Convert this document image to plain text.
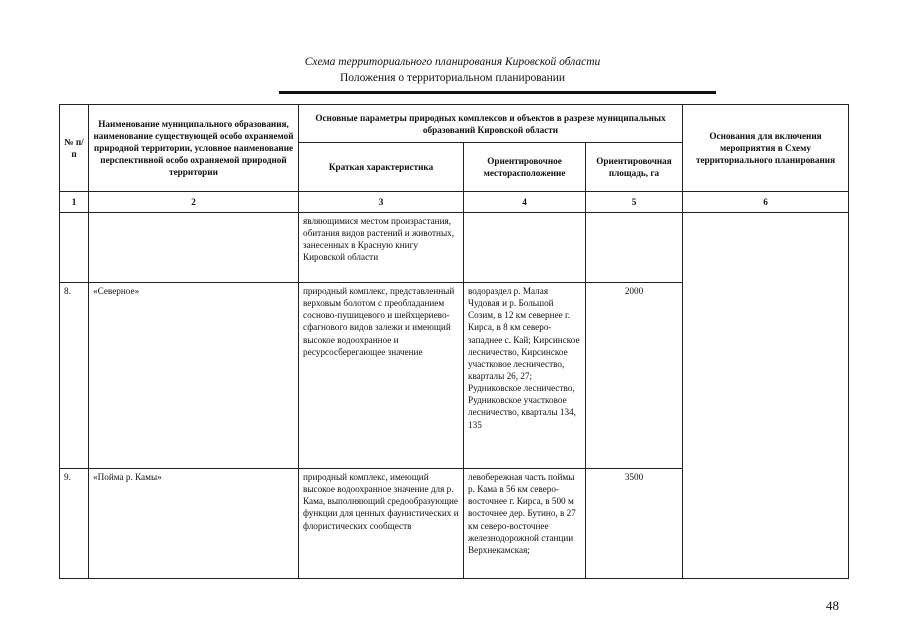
Схема территориального планирования Кировской области
Положения о территориальном планировании
№ п/п	Наименование муниципального образования, наименование существующей особо охраняемой природной территории, условное наименование перспективной особо охраняемой природной территории	Основные параметры природных комплексов и объектов в разрезе муниципальных образований Кировской области			Основания для включения мероприятия в Схему территориального планирования
		Краткая характеристика	Ориентировочное месторасположение	Ориентировочная площадь, га	
1	2	3	4	5	6
		являющимися местом произрастания, обитания видов растений и животных, занесенных в Красную книгу Кировской области			
8.	«Северное»	природный комплекс, представленный верховым болотом с преобладанием сосново-пушицевого и шейхцериево-сфагнового видов залежи и имеющий высокое водоохранное и ресурсосберегающее значение	водораздел р. Малая Чудовая и р. Большой Созим, в 12 км севернее г. Кирса, в 8 км северо-западнее с. Кай; Кирсинское лесничество, Кирсинское участковое лесничество, кварталы 26, 27; Рудниковское лесничество, Рудниковское участковое лесничество, кварталы 134, 135	2000	
9.	«Пойма р. Камы»	природный комплекс, имеющий высокое водоохранное значение для р. Кама, выполняющий средообразующие функции для ценных фаунистических и флористических сообществ	левобережная часть поймы р. Кама в 56 км северо-восточнее г. Кирса, в 500 м восточнее дер. Бутино, в 27 км северо-восточнее железнодорожной станции Верхнекамская;	3500	
48
